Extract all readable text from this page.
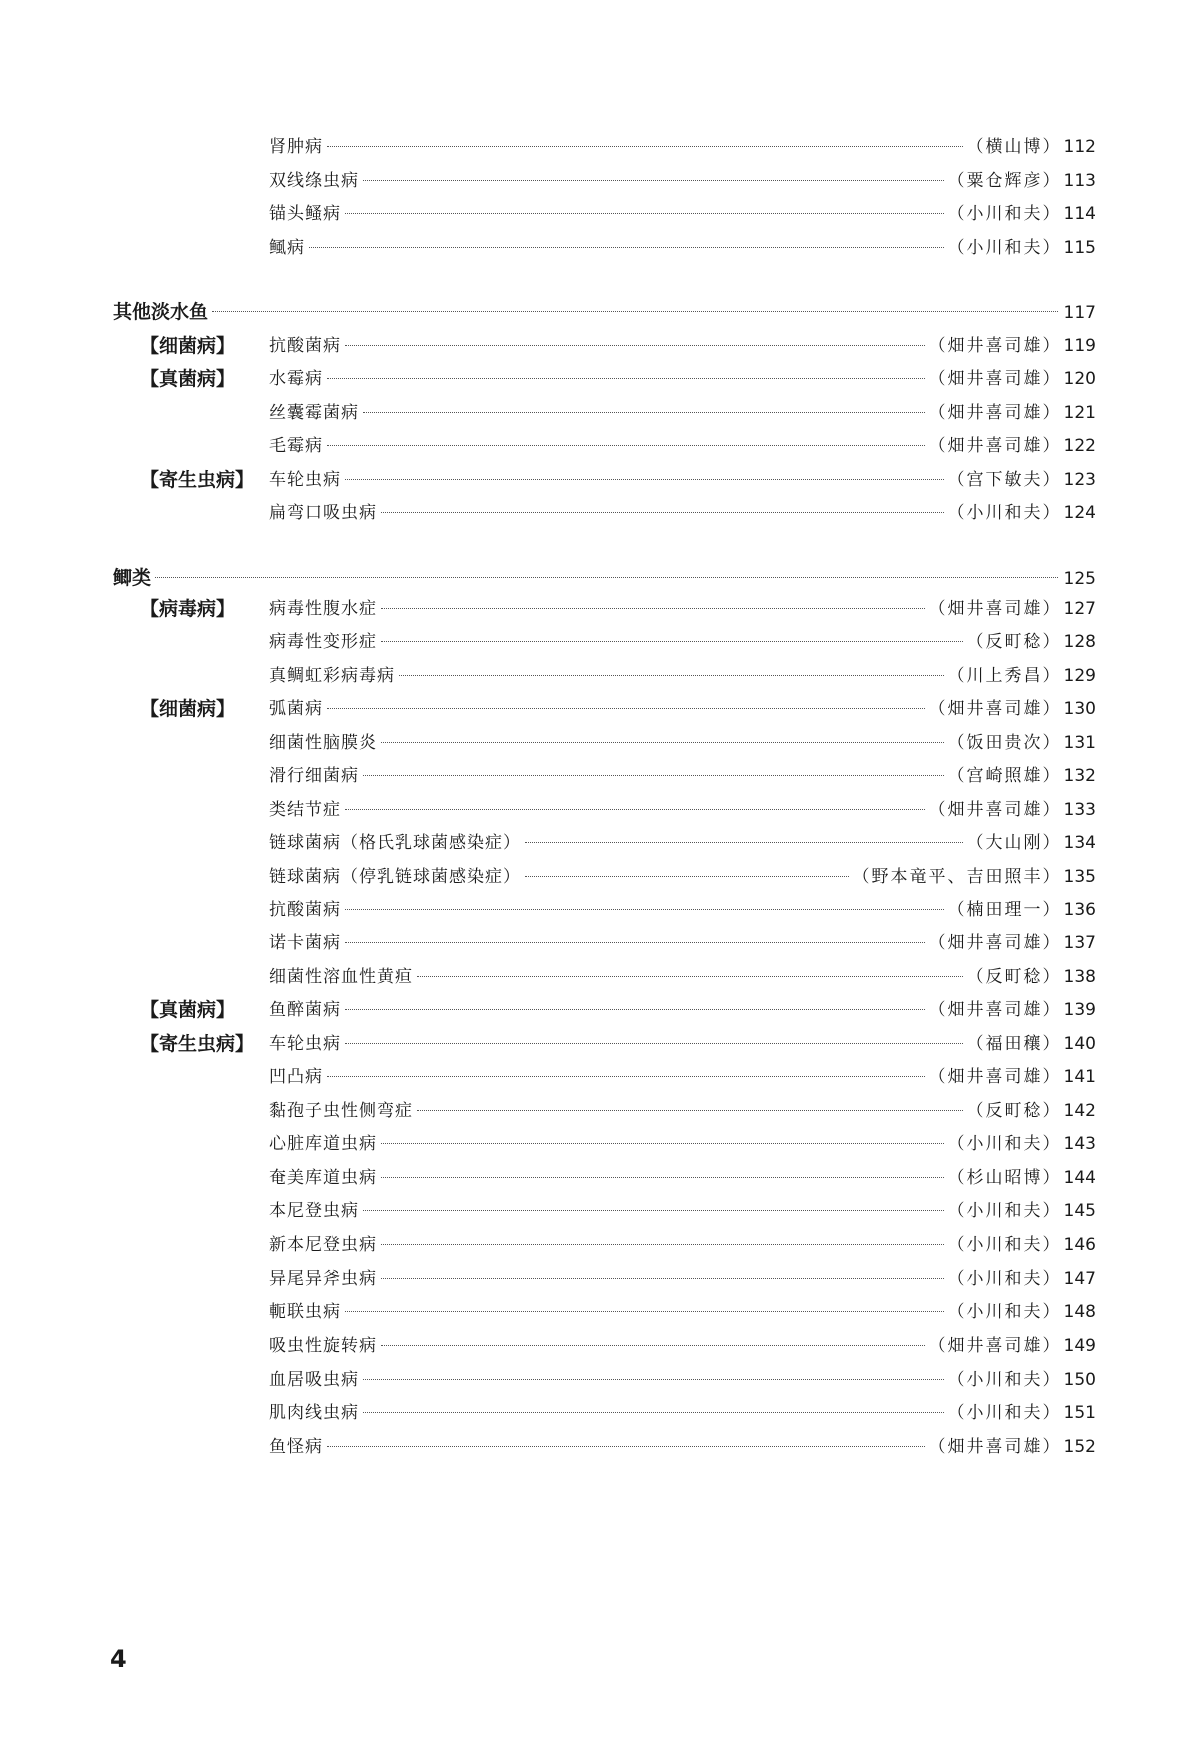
肾肿病	（横山博） 112
双线绦虫病	（粟仓辉彦） 113
锚头鳋病	（小川和夫） 114
鲺病	（小川和夫） 115
其他淡水鱼	117
【细菌病】 抗酸菌病	（畑井喜司雄） 119
【真菌病】 水霉病	（畑井喜司雄） 120
丝囊霉菌病	（畑井喜司雄） 121
毛霉病	（畑井喜司雄） 122
【寄生虫病】 车轮虫病	（宫下敏夫） 123
扁弯口吸虫病	（小川和夫） 124
鲫类	125
【病毒病】 病毒性腹水症	（畑井喜司雄） 127
病毒性变形症	（反町稔） 128
真鲷虹彩病毒病	（川上秀昌） 129
【细菌病】 弧菌病	（畑井喜司雄） 130
细菌性脑膜炎	（饭田贵次） 131
滑行细菌病	（宫崎照雄） 132
类结节症	（畑井喜司雄） 133
链球菌病（格氏乳球菌感染症）	（大山刚） 134
链球菌病（停乳链球菌感染症）	（野本竜平、吉田照丰） 135
抗酸菌病	（楠田理一） 136
诺卡菌病	（畑井喜司雄） 137
细菌性溶血性黄疸	（反町稔） 138
【真菌病】 鱼醉菌病	（畑井喜司雄） 139
【寄生虫病】 车轮虫病	（福田穰） 140
凹凸病	（畑井喜司雄） 141
黏孢子虫性侧弯症	（反町稔） 142
心脏库道虫病	（小川和夫） 143
奄美库道虫病	（杉山昭博） 144
本尼登虫病	（小川和夫） 145
新本尼登虫病	（小川和夫） 146
异尾异斧虫病	（小川和夫） 147
軛联虫病	（小川和夫） 148
吸虫性旋转病	（畑井喜司雄） 149
血居吸虫病	（小川和夫） 150
肌肉线虫病	（小川和夫） 151
鱼怪病	（畑井喜司雄） 152
4
